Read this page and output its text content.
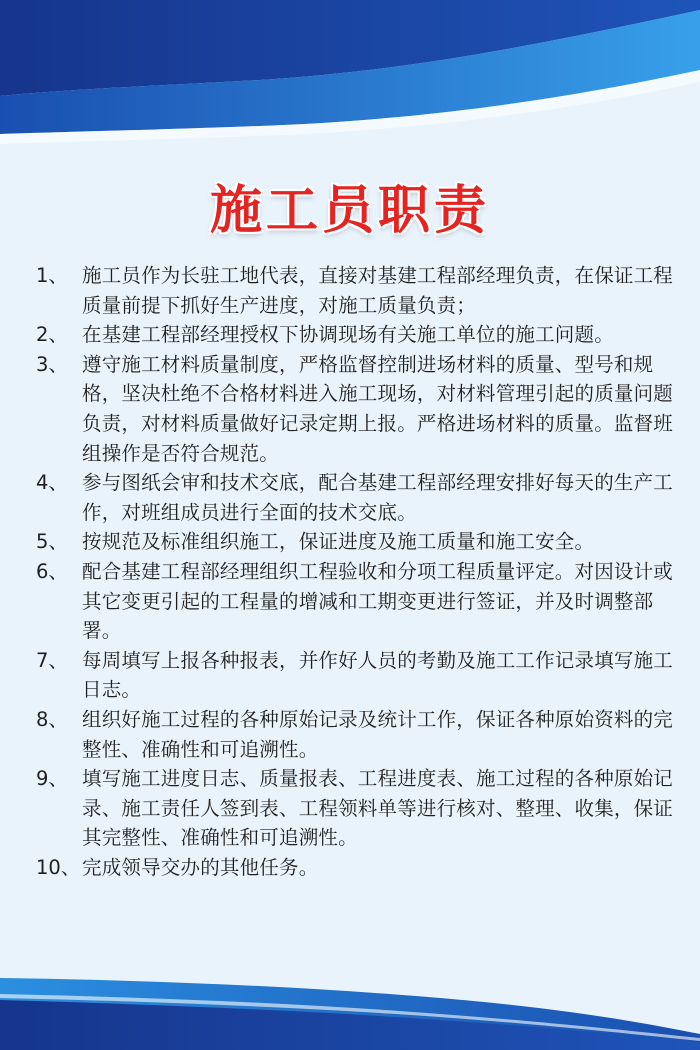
施工员职责
1、 施工员作为长驻工地代表，直接对基建工程部经理负责，在保证工程质量前提下抓好生产进度，对施工质量负责；
2、 在基建工程部经理授权下协调现场有关施工单位的施工问题。
3、 遵守施工材料质量制度，严格监督控制进场材料的质量、型号和规格，坚决杜绝不合格材料进入施工现场，对材料管理引起的质量问题负责，对材料质量做好记录定期上报。严格进场材料的质量。监督班组操作是否符合规范。
4、 参与图纸会审和技术交底，配合基建工程部经理安排好每天的生产工作，对班组成员进行全面的技术交底。
5、 按规范及标准组织施工，保证进度及施工质量和施工安全。
6、 配合基建工程部经理组织工程验收和分项工程质量评定。对因设计或其它变更引起的工程量的增减和工期变更进行签证，并及时调整部署。
7、 每周填写上报各种报表，并作好人员的考勤及施工工作记录填写施工日志。
8、 组织好施工过程的各种原始记录及统计工作，保证各种原始资料的完整性、准确性和可追溯性。
9、 填写施工进度日志、质量报表、工程进度表、施工过程的各种原始记录、施工责任人签到表、工程领料单等进行核对、整理、收集，保证其完整性、准确性和可追溯性。
10、 完成领导交办的其他任务。
